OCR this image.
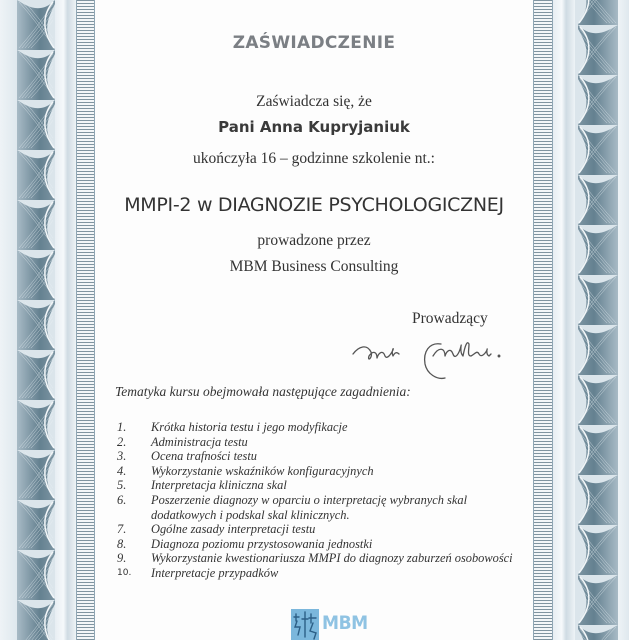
ZAŚWIADCZENIE
Zaświadcza się, że
Pani Anna Kupryjaniuk
ukończyła 16 – godzinne szkolenie nt.:
MMPI-2 w DIAGNOZIE PSYCHOLOGICZNEJ
prowadzone przez
MBM Business Consulting
Prowadzący
Tematyka kursu obejmowała następujące zagadnienia:
1. Krótka historia testu i jego modyfikacje
2. Administracja testu
3. Ocena trafności testu
4. Wykorzystanie wskaźników konfiguracyjnych
5. Interpretacja kliniczna skal
6. Poszerzenie diagnozy w oparciu o interpretację wybranych skal dodatkowych i podskal skal klinicznych.
7. Ogólne zasady interpretacji testu
8. Diagnoza poziomu przystosowania jednostki
9. Wykorzystanie kwestionariusza MMPI do diagnozy zaburzeń osobowości
10. Interpretacje przypadków
MBM
